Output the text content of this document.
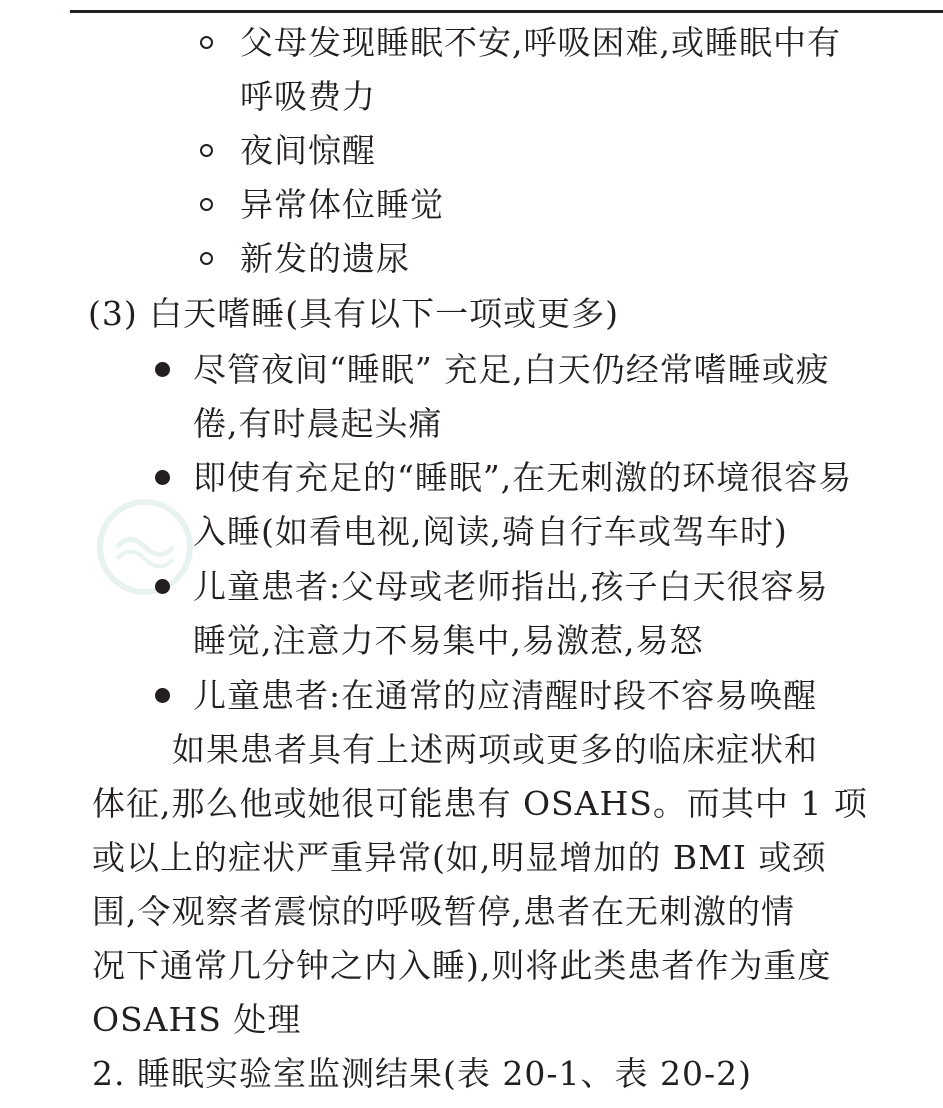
父母发现睡眠不安,呼吸困难,或睡眠中有
呼吸费力
夜间惊醒
异常体位睡觉
新发的遗尿
(3) 白天嗜睡(具有以下一项或更多)
尽管夜间“睡眠” 充足,白天仍经常嗜睡或疲
倦,有时晨起头痛
即使有充足的“睡眠”,在无刺激的环境很容易
入睡(如看电视,阅读,骑自行车或驾车时)
儿童患者:父母或老师指出,孩子白天很容易
睡觉,注意力不易集中,易激惹,易怒
儿童患者:在通常的应清醒时段不容易唤醒
如果患者具有上述两项或更多的临床症状和
体征,那么他或她很可能患有 OSAHS。而其中 1 项
或以上的症状严重异常(如,明显增加的 BMI 或颈
围,令观察者震惊的呼吸暂停,患者在无刺激的情
况下通常几分钟之内入睡),则将此类患者作为重度
OSAHS 处理
2. 睡眠实验室监测结果(表 20-1、表 20-2)
